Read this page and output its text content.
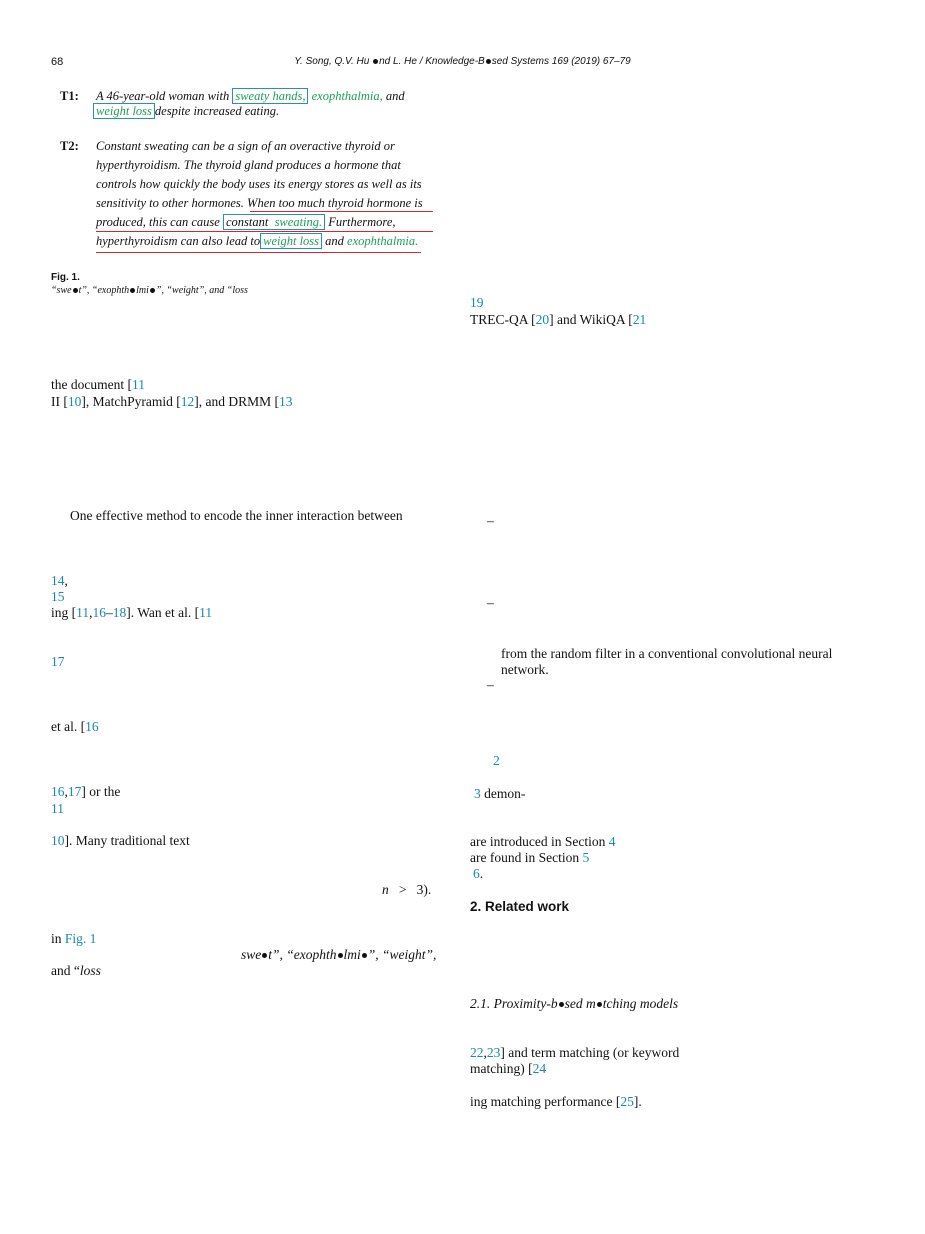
68	Y. Song, Q.V. Hu nd L. He / Knowledge-B sed Systems 169 (2019) 67–79
T1: A 46-year-old woman with sweaty hands, exophthalmia, and
weight loss despite increased eating.
T2: Constant sweating can be a sign of an overactive thyroid or
hyperthyroidism. The thyroid gland produces a hormone that
controls how quickly the body uses its energy stores as well as its
sensitivity to other hormones. When too much thyroid hormone is
produced, this can cause constant sweating. Furthermore,
hyperthyroidism can also lead to weight loss and exophthalmia.
Fig. 1.
“swe t”, “exophth lmi ”, “weight”, and “loss
the document [11
II [10], MatchPyramid [12], and DRMM [13
One effective method to encode the inner interaction between
14,
15
ing [11,16–18]. Wan et al. [11
17
et al. [16
16,17] or the
11
10]. Many traditional text
n > 3).
in Fig. 1
swe t”, “exophth lmi ”, “weight”,
and “loss
19
TREC-QA [20] and WikiQA [21
–
–
from the random filter in a conventional convolutional neural
network.
–
2
3 demon-
are introduced in Section 4
are found in Section 5
6.
2. Related work
2.1. Proximity-b sed m tching models
22,23] and term matching (or keyword
matching) [24
ing matching performance [25].
